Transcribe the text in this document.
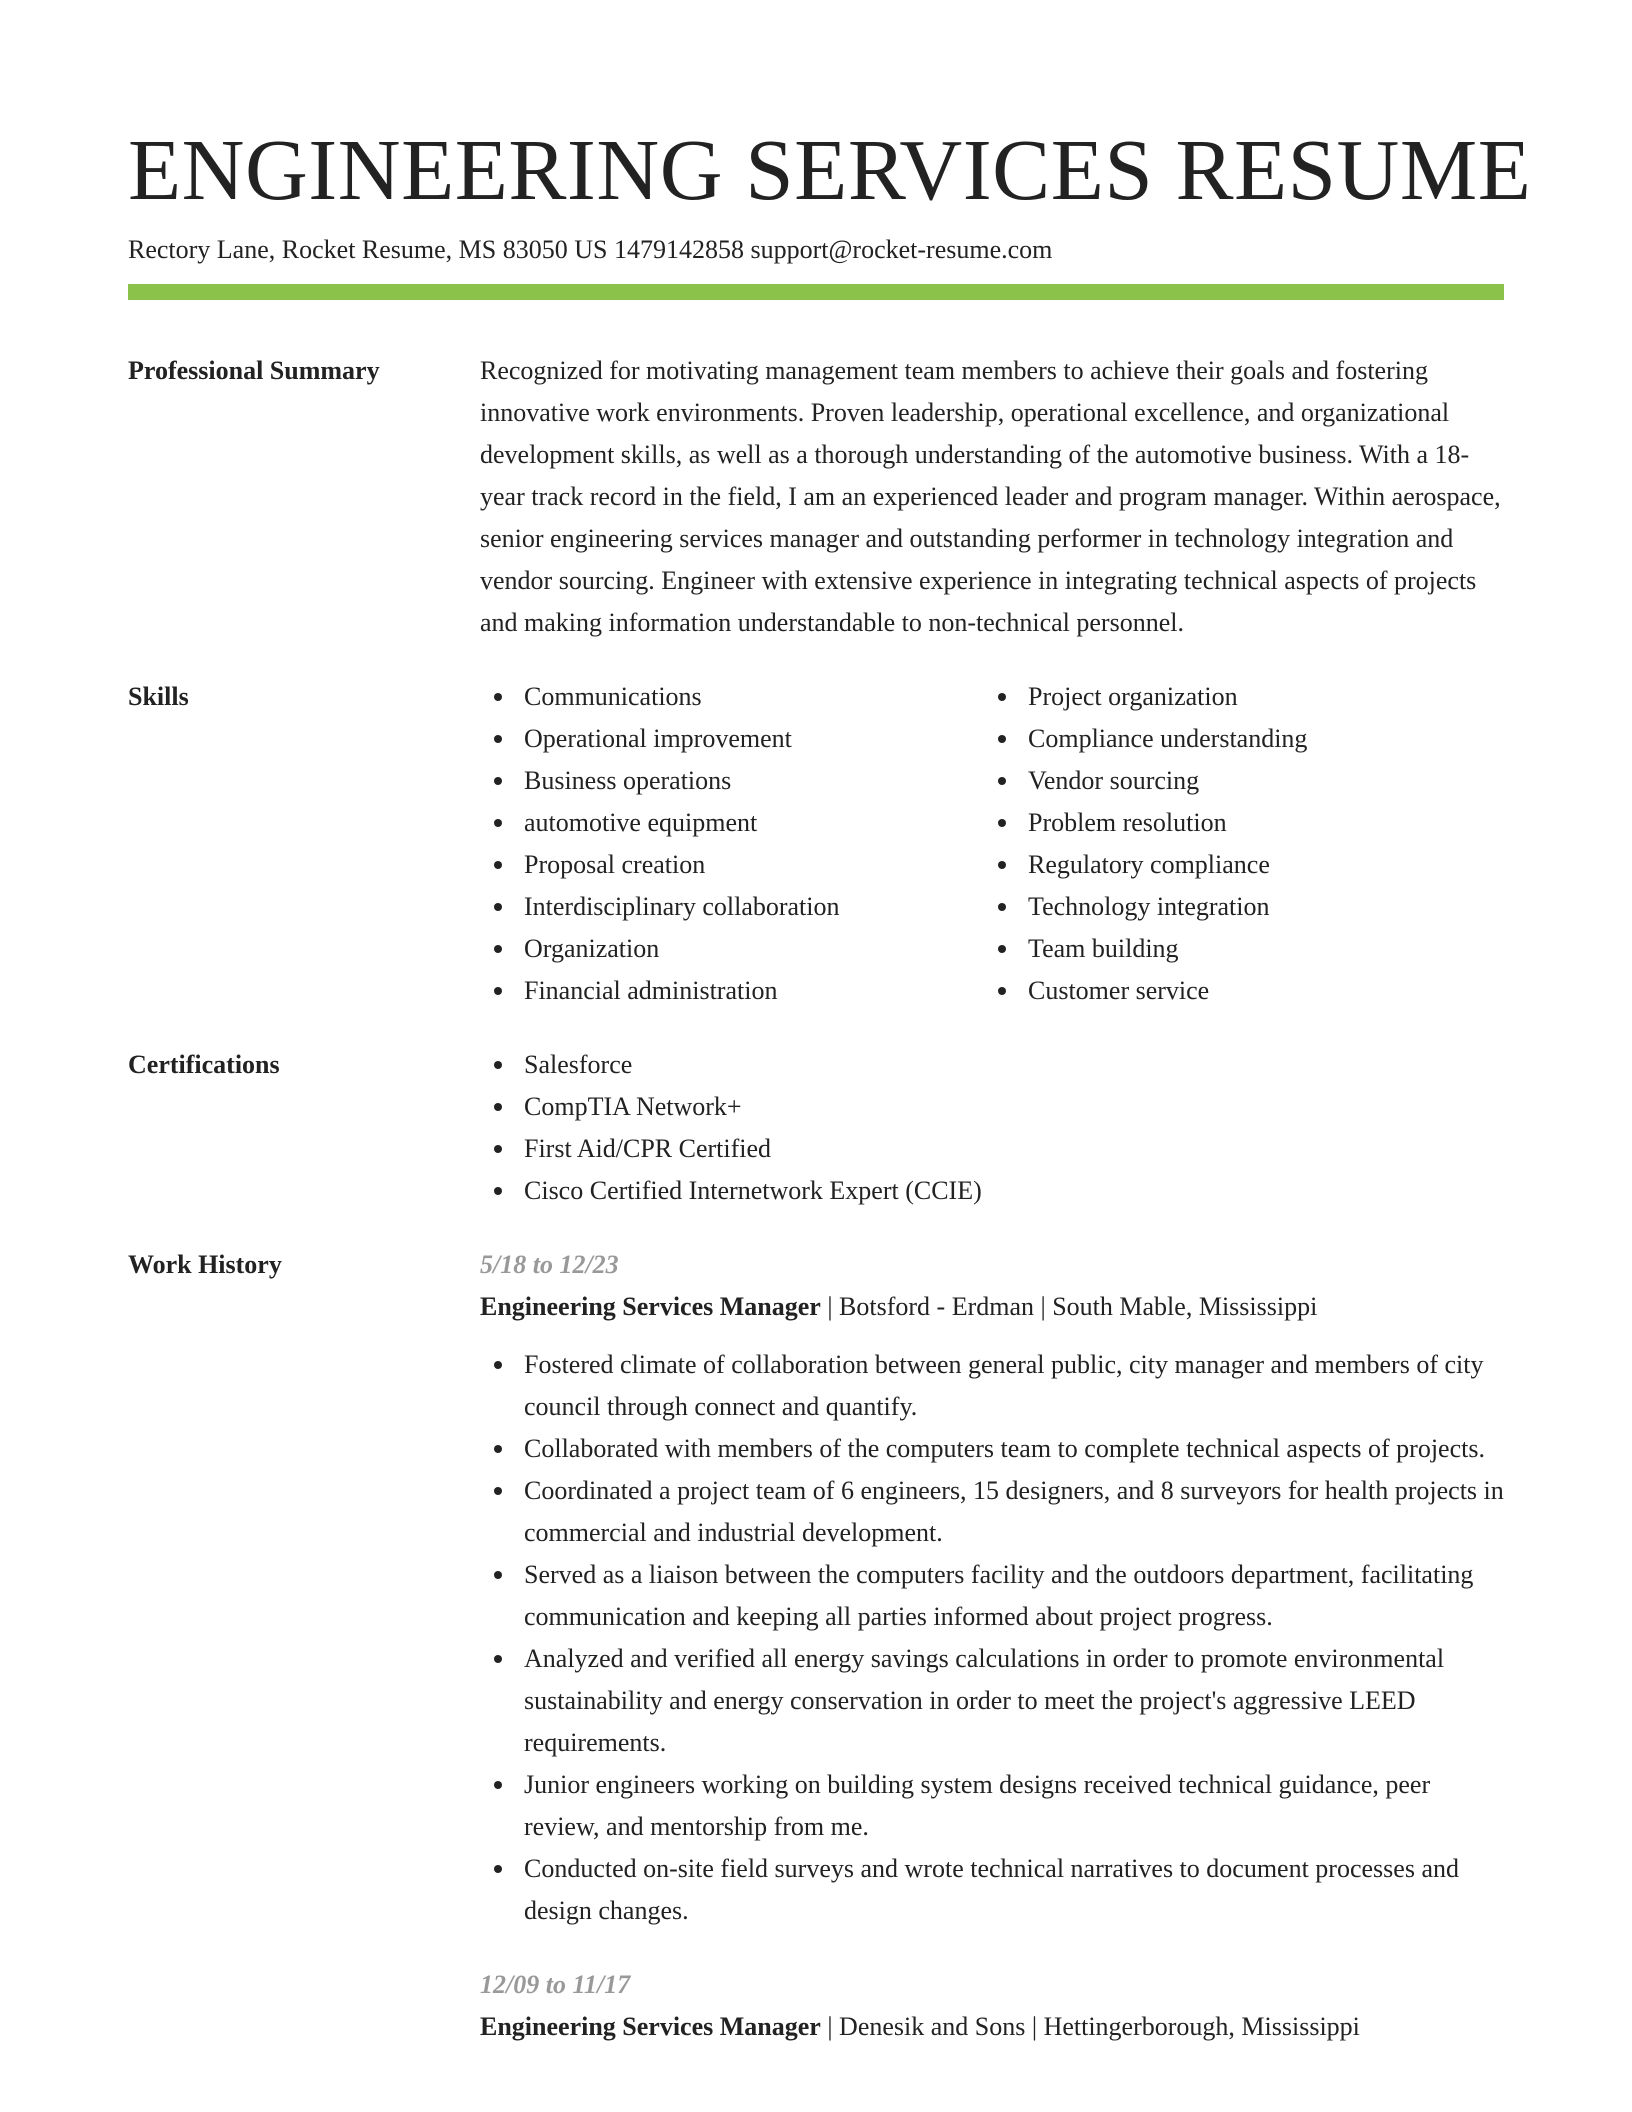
ENGINEERING SERVICES RESUME
Rectory Lane, Rocket Resume, MS 83050 US 1479142858 support@rocket-resume.com
Professional Summary	Recognized for motivating management team members to achieve their goals and fostering innovative work environments. Proven leadership, operational excellence, and organizational development skills, as well as a thorough understanding of the automotive business. With a 18-year track record in the field, I am an experienced leader and program manager. Within aerospace, senior engineering services manager and outstanding performer in technology integration and vendor sourcing. Engineer with extensive experience in integrating technical aspects of projects and making information understandable to non-technical personnel.

Skills	Communications
Operational improvement
Business operations
automotive equipment
Proposal creation
Interdisciplinary collaboration
Organization
Financial administration
Project organization
Compliance understanding
Vendor sourcing
Problem resolution
Regulatory compliance
Technology integration
Team building
Customer service
Certifications	Salesforce
CompTIA Network+
First Aid/CPR Certified
Cisco Certified Internetwork Expert (CCIE)
Work History	5/18 to 12/23
Engineering Services Manager | Botsford - Erdman | South Mable, Mississippi
Fostered climate of collaboration between general public, city manager and members of city council through connect and quantify.
Collaborated with members of the computers team to complete technical aspects of projects.
Coordinated a project team of 6 engineers, 15 designers, and 8 surveyors for health projects in commercial and industrial development.
Served as a liaison between the computers facility and the outdoors department, facilitating communication and keeping all parties informed about project progress.
Analyzed and verified all energy savings calculations in order to promote environmental sustainability and energy conservation in order to meet the project's aggressive LEED requirements.
Junior engineers working on building system designs received technical guidance, peer review, and mentorship from me.
Conducted on-site field surveys and wrote technical narratives to document processes and design changes.
12/09 to 11/17
Engineering Services Manager | Denesik and Sons | Hettingerborough, Mississippi
